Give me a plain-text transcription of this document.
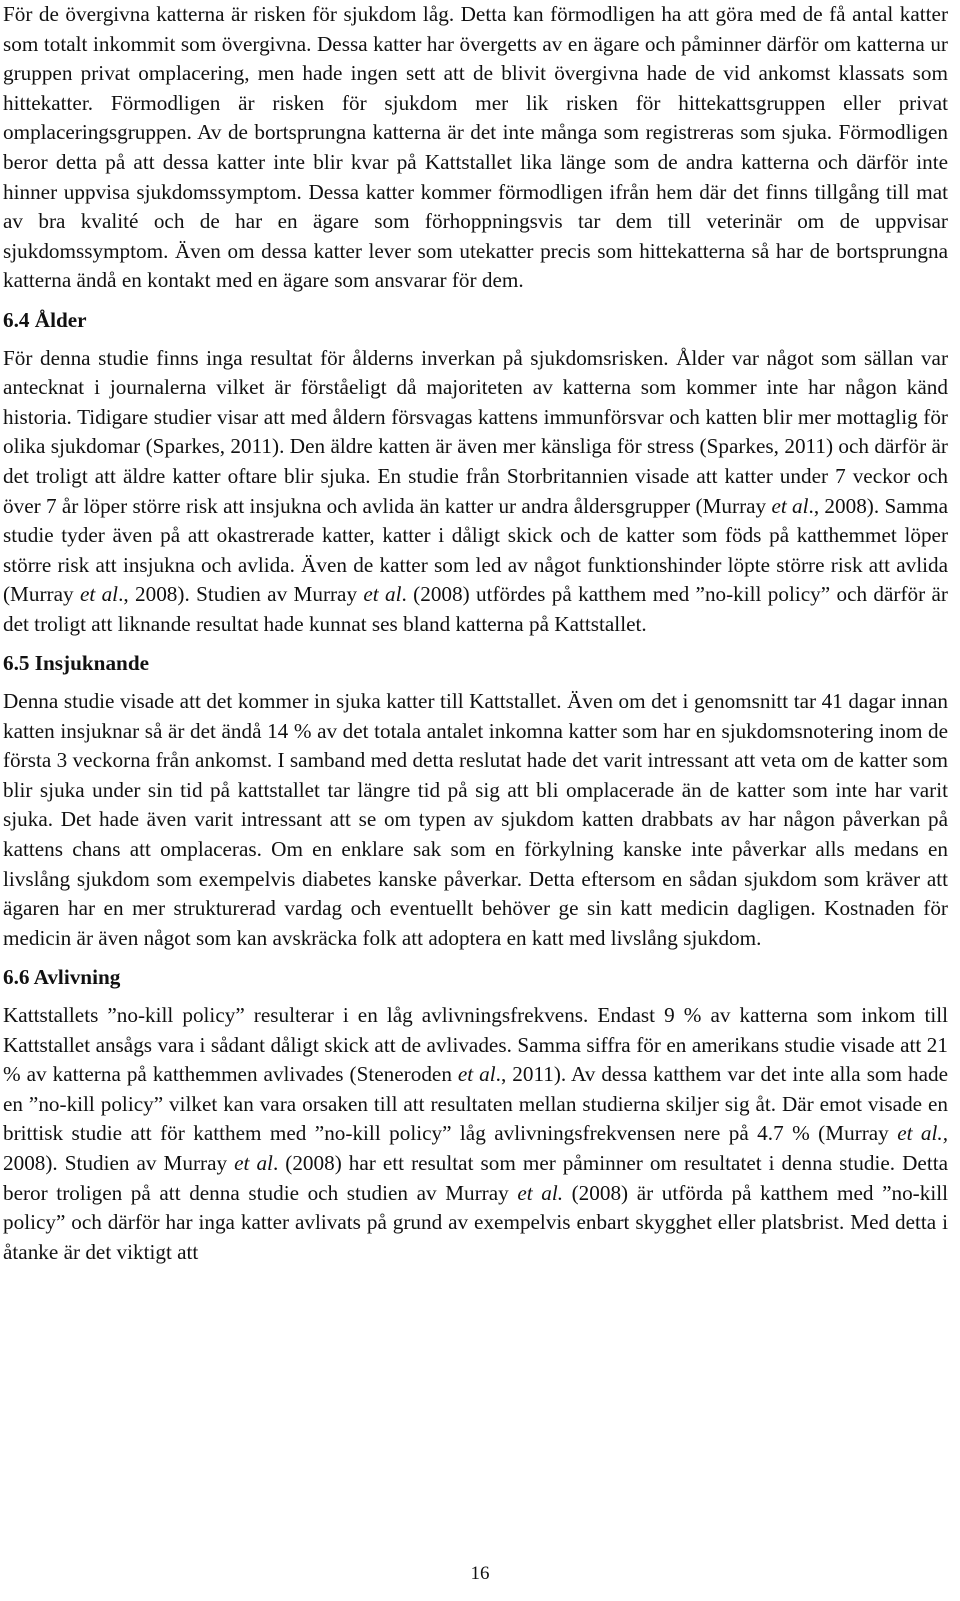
För de övergivna katterna är risken för sjukdom låg. Detta kan förmodligen ha att göra med de få antal katter som totalt inkommit som övergivna. Dessa katter har övergetts av en ägare och påminner därför om katterna ur gruppen privat omplacering, men hade ingen sett att de blivit övergivna hade de vid ankomst klassats som hittekatter. Förmodligen är risken för sjukdom mer lik risken för hittekattsgruppen eller privat omplaceringsgruppen. Av de bortsprungna katterna är det inte många som registreras som sjuka. Förmodligen beror detta på att dessa katter inte blir kvar på Kattstallet lika länge som de andra katterna och därför inte hinner uppvisa sjukdomssymptom. Dessa katter kommer förmodligen ifrån hem där det finns tillgång till mat av bra kvalité och de har en ägare som förhoppningsvis tar dem till veterinär om de uppvisar sjukdomssymptom. Även om dessa katter lever som utekatter precis som hittekatterna så har de bortsprungna katterna ändå en kontakt med en ägare som ansvarar för dem.

6.4 Ålder

För denna studie finns inga resultat för ålderns inverkan på sjukdomsrisken. Ålder var något som sällan var antecknat i journalerna vilket är förståeligt då majoriteten av katterna som kommer inte har någon känd historia. Tidigare studier visar att med åldern försvagas kattens immunförsvar och katten blir mer mottaglig för olika sjukdomar (Sparkes, 2011). Den äldre katten är även mer känsliga för stress (Sparkes, 2011) och därför är det troligt att äldre katter oftare blir sjuka. En studie från Storbritannien visade att katter under 7 veckor och över 7 år löper större risk att insjukna och avlida än katter ur andra åldersgrupper (Murray et al., 2008). Samma studie tyder även på att okastrerade katter, katter i dåligt skick och de katter som föds på katthemmet löper större risk att insjukna och avlida. Även de katter som led av något funktionshinder löpte större risk att avlida (Murray et al., 2008). Studien av Murray et al. (2008) utfördes på katthem med ”no-kill policy” och därför är det troligt att liknande resultat hade kunnat ses bland katterna på Kattstallet.

6.5 Insjuknande

Denna studie visade att det kommer in sjuka katter till Kattstallet. Även om det i genomsnitt tar 41 dagar innan katten insjuknar så är det ändå 14 % av det totala antalet inkomna katter som har en sjukdomsnotering inom de första 3 veckorna från ankomst. I samband med detta reslutat hade det varit intressant att veta om de katter som blir sjuka under sin tid på kattstallet tar längre tid på sig att bli omplacerade än de katter som inte har varit sjuka. Det hade även varit intressant att se om typen av sjukdom katten drabbats av har någon påverkan på kattens chans att omplaceras. Om en enklare sak som en förkylning kanske inte påverkar alls medans en livslång sjukdom som exempelvis diabetes kanske påverkar. Detta eftersom en sådan sjukdom som kräver att ägaren har en mer strukturerad vardag och eventuellt behöver ge sin katt medicin dagligen. Kostnaden för medicin är även något som kan avskräcka folk att adoptera en katt med livslång sjukdom.

6.6 Avlivning

Kattstallets ”no-kill policy” resulterar i en låg avlivningsfrekvens. Endast 9 % av katterna som inkom till Kattstallet ansågs vara i sådant dåligt skick att de avlivades. Samma siffra för en amerikans studie visade att 21 % av katterna på katthemmen avlivades (Steneroden et al., 2011). Av dessa katthem var det inte alla som hade en ”no-kill policy” vilket kan vara orsaken till att resultaten mellan studierna skiljer sig åt. Där emot visade en brittisk studie att för katthem med ”no-kill policy” låg avlivningsfrekvensen nere på 4.7 % (Murray et al., 2008). Studien av Murray et al. (2008) har ett resultat som mer påminner om resultatet i denna studie. Detta beror troligen på att denna studie och studien av Murray et al. (2008) är utförda på katthem med ”no-kill policy” och därför har inga katter avlivats på grund av exempelvis enbart skygghet eller platsbrist. Med detta i åtanke är det viktigt att

16
